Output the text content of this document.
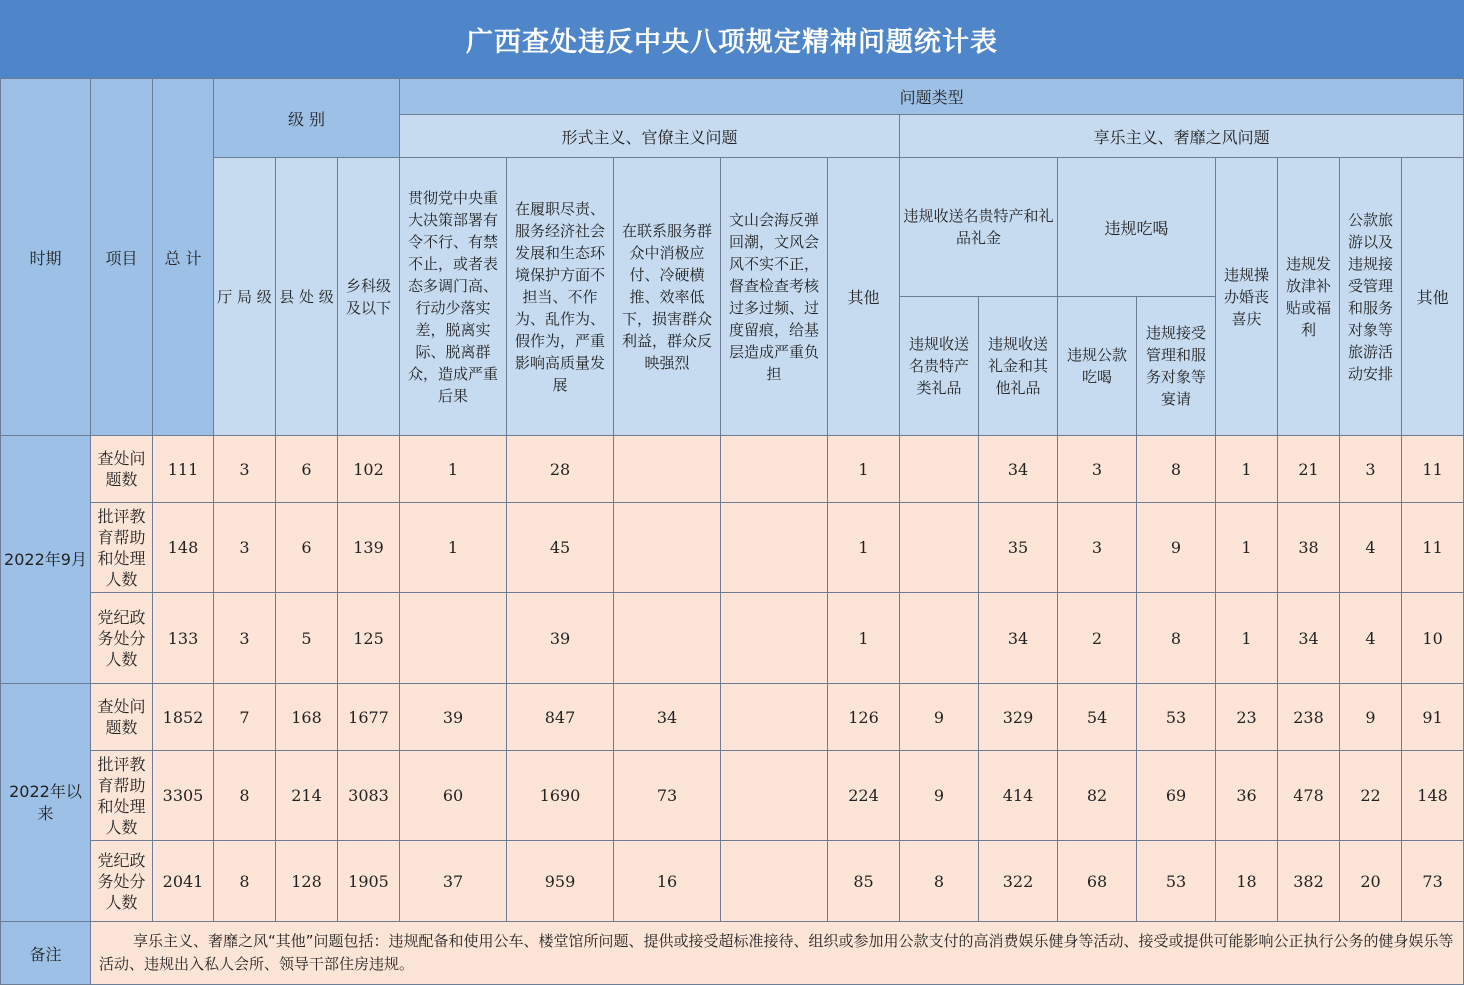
广西查处违反中央八项规定精神问题统计表
时期	项目	总 计	级 别			问题类型												
						形式主义、官僚主义问题					享乐主义、奢靡之风问题							
			厅 局 级	县 处 级	乡科级及以下	贯彻党中央重大决策部署有令不行、有禁不止，或者表态多调门高、行动少落实差，脱离实际、脱离群众，造成严重后果	在履职尽责、服务经济社会发展和生态环境保护方面不担当、不作为、乱作为、假作为，严重影响高质量发展	在联系服务群众中消极应付、冷硬横推、效率低下，损害群众利益，群众反映强烈	文山会海反弹回潮，文风会风不实不正，督查检查考核过多过频、过度留痕，给基层造成严重负担	其他	违规收送名贵特产和礼品礼金		违规吃喝		违规操办婚丧喜庆	违规发放津补贴或福利	公款旅游以及违规接受管理和服务对象等旅游活动安排	其他
											违规收送名贵特产类礼品	违规收送礼金和其他礼品	违规公款吃喝	违规接受管理和服务对象等宴请				
2022年9月	查处问题数	111	3	6	102	1	28			1		34	3	8	1	21	3	11
	批评教育帮助和处理人数	148	3	6	139	1	45			1		35	3	9	1	38	4	11
	党纪政务处分人数	133	3	5	125		39			1		34	2	8	1	34	4	10
2022年以来	查处问题数	1852	7	168	1677	39	847	34		126	9	329	54	53	23	238	9	91
	批评教育帮助和处理人数	3305	8	214	3083	60	1690	73		224	9	414	82	69	36	478	22	148
	党纪政务处分人数	2041	8	128	1905	37	959	16		85	8	322	68	53	18	382	20	73
备注	享乐主义、奢靡之风“其他”问题包括：违规配备和使用公车、楼堂馆所问题、提供或接受超标准接待、组织或参加用公款支付的高消费娱乐健身等活动、接受或提供可能影响公正执行公务的健身娱乐等活动、违规出入私人会所、领导干部住房违规。																	
